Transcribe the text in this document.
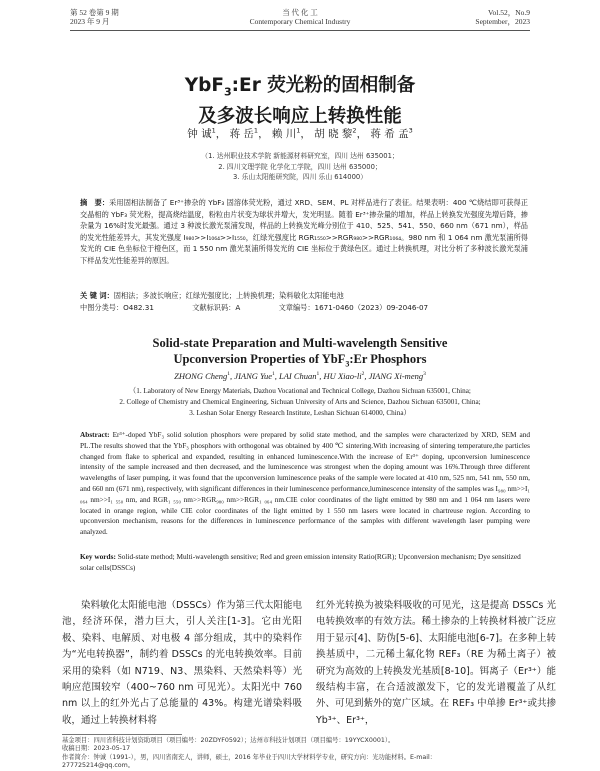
第 52 卷第 9 期
2023 年 9 月
当 代 化 工
Contemporary Chemical Industry
Vol.52，No.9
September，2023
YbF$_3$:Er 荧光粉的固相制备
及多波长响应上转换性能
钟 诚$^1$， 蒋 岳$^1$， 赖 川$^1$， 胡 晓 黎$^2$， 蒋 希 孟$^3$
（1. 达州职业技术学院 新能源材料研究室，四川 达州 635001；
2. 四川文理学院 化学化工学院，四川 达州 635000；
3. 乐山太阳能研究院，四川 乐山 614000）
摘　要：采用固相法制备了 Er³⁺掺杂的 YbF₃ 固溶体荧光粉，通过 XRD、SEM、PL 对样品进行了表征。结果表明：400 ℃烧结即可获得正交晶相的 YbF₃ 荧光粉，提高烧结温度，粉粒由片状变为球状并增大，发光明显。随着 Er³⁺掺杂量的增加，样品上转换发光强度先增后降，掺杂量为 16%时发光最强。通过 3 种波长激光泵浦发现，样品的上转换发光峰分别位于 410、525、541、550、660 nm（671 nm），样品的发光性能差异大，其发光强度 I₉₈₀>>I₁₀₆₄>>I₁₅₅₀，红绿光强度比 RGR₁₅₅₀>>RGR₉₈₀>>RGR₁₀₆₄。980 nm 和 1 064 nm 激光泵浦所得发光的 CIE 色坐标位于橙色区，而 1 550 nm 激光泵浦所得发光的 CIE 坐标位于黄绿色区。通过上转换机理，对比分析了多种波长激光泵浦下样品发光性能差异的原因。
关 键 词：固相法；多波长响应；红绿光强度比；上转换机理；染料敏化太阳能电池
中图分类号：O482.31	文献标识码：A	文章编号：1671-0460（2023）09-2046-07
Solid-state Preparation and Multi-wavelength Sensitive
Upconversion Properties of YbF$_3$:Er Phosphors
ZHONG Cheng$^1$, JIANG Yue$^1$, LAI Chuan$^1$, HU Xiao-$li^2$, JIANG Xi-meng$^3$
（1. Laboratory of New Energy Materials, Dazhou Vocational and Technical College, Dazhou Sichuan 635001, China;
2. College of Chemistry and Chemical Engineering, Sichuan University of Arts and Science, Dazhou Sichuan 635001, China;
3. Leshan Solar Energy Research Institute, Leshan Sichuan 614000, China）
Abstract: Er³⁺-doped YbF₃ solid solution phosphors were prepared by solid state method, and the samples were characterized by XRD, SEM and PL.The results showed that the YbF₃ phosphors with orthogonal was obtained by 400 ℃ sintering.With increasing of sintering temperature,the particles changed from flake to spherical and expanded, resulting in enhanced luminescence.With the increase of Er³⁺ doping, upconversion luminescence intensity of the sample increased and then decreased, and the luminescence was strongest when the doping amount was 16%.Through three different wavelengths of laser pumping, it was found that the upconversion luminescence peaks of the sample were located at 410 nm, 525 nm, 541 nm, 550 nm, and 660 nm (671 nm), respectively, with significant differences in their luminescence performance,luminescence intensity of the samples was I₉₈₀ nm>>I₁ ₀₆₄ nm>>I₁ ₅₅₀ nm, and RGR₁ ₅₅₀ nm>>RGR₉₈₀ nm>>RGR₁ ₀₆₄ nm.CIE color coordinates of the light emitted by 980 nm and 1 064 nm lasers were located in orange region, while CIE color coordinates of the light emitted by 1 550 nm lasers were located in chartreuse region. According to upconversion mechanism, reasons for the differences in luminescence performance of the samples with different wavelength laser pumping were analyzed.
Key words: Solid-state method; Multi-wavelength sensitive; Red and green emission intensity Ratio(RGR); Upconversion mechanism; Dye sensitized solar cells(DSSCs)

染料敏化太阳能电池（DSSCs）作为第三代太阳能电池，经济环保，潜力巨大，引人关注[1-3]。它由光阳极、染料、电解质、对电极 4 部分组成，其中的染料作为“光电转换器”，制约着 DSSCs 的光电转换效率。目前采用的染料（如 N719、N3、黑染料、天然染料等）光响应范围较窄（400~760 nm 可见光）。太阳光中 760 nm 以上的红外光占了总能量的 43%。构建光谱染料吸收，通过上转换材料将

红外光转换为被染料吸收的可见光，这是提高 DSSCs 光电转换效率的有效方法。稀土掺杂的上转换材料被广泛应用于显示[4]、防伪[5-6]、太阳能电池[6-7]。在多种上转换基质中，二元稀土氟化物 REF₃（RE 为稀土离子）被研究为高效的上转换发光基质[8-10]。铒离子（Er³⁺）能级结构丰富，在合适波激发下，它的发光谱覆盖了从红外、可见到紫外的宽广区域。在 REF₃ 中单掺 Er³⁺或共掺 Yb³⁺、Er³⁺，

基金项目：四川省科技计划资助项目（项目编号：20ZDYF0592）；达州市科技计划项目（项目编号：19YYCX0001）。
收稿日期：2023-05-17
作者简介：钟诚（1991-），男，四川省南充人，讲师，硕士，2016 年毕业于四川大学材料学专业，研究方向：光功能材料。E-mail：
277725214@qq.com。
